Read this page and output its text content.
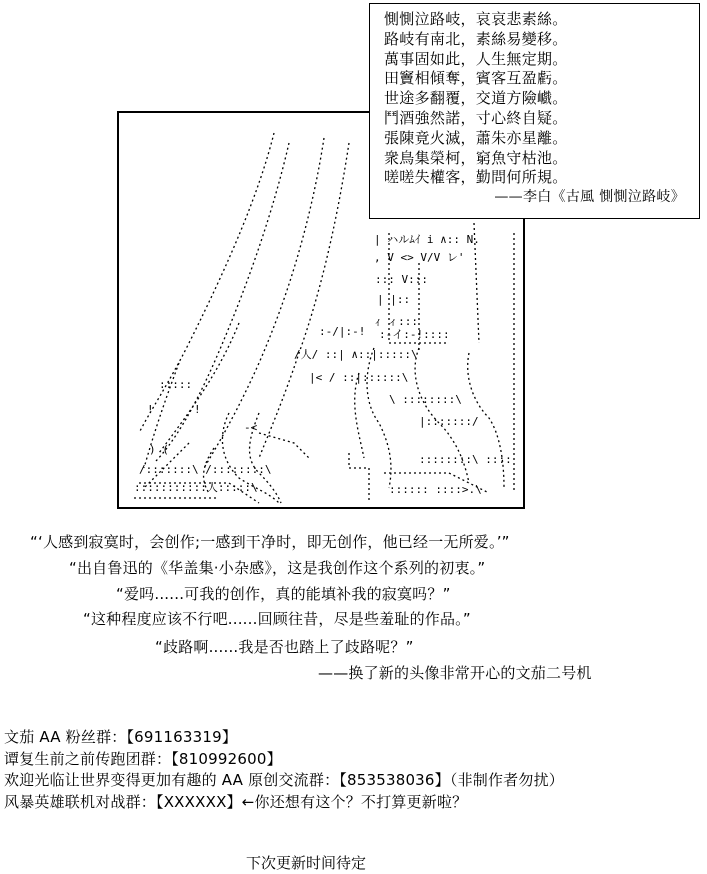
| ハルﾑｲ i ∧:: N.
, V <> V/V レ'
::: V:::
| |::
ｨ ィ:::
:-/|:-! :-イ:-!::::
/人/ ::| ∧::|:::::\
|< / ::|::::::\
\ ::::::::\
|:::::::/
:::::
!	!
-<
) (
::::::::\ ::::
/:::::::\ /::::::::\
:::::::::::人:::::\	:::::: ::::>.\
惻惻泣路岐，哀哀悲素絲。
路岐有南北，素絲易變移。
萬事固如此，人生無定期。
田竇相傾奪，賓客互盈虧。
世途多翻覆，交道方險巇。
鬥酒強然諾，寸心終自疑。
張陳竟火滅，蕭朱亦星離。
衆鳥集榮柯，窮魚守枯池。
嗟嗟失權客，勤問何所規。
——李白《古風 惻惻泣路岐》
“‘人感到寂寞时，会创作;一感到干净时，即无创作，他已经一无所爱。’”
“出自鲁迅的《华盖集·小杂感》，这是我创作这个系列的初衷。”
“爱吗......可我的创作，真的能填补我的寂寞吗？”
“这种程度应该不行吧......回顾往昔，尽是些羞耻的作品。”
“歧路啊......我是否也踏上了歧路呢？”
——换了新的头像非常开心的文茄二号机
文茄 AA 粉丝群：【691163319】
谭复生前之前传跑团群：【810992600】
欢迎光临让世界变得更加有趣的 AA 原创交流群：【853538036】（非制作者勿扰）
风暴英雄联机对战群：【XXXXXX】←你还想有这个？不打算更新啦？
下次更新时间待定
